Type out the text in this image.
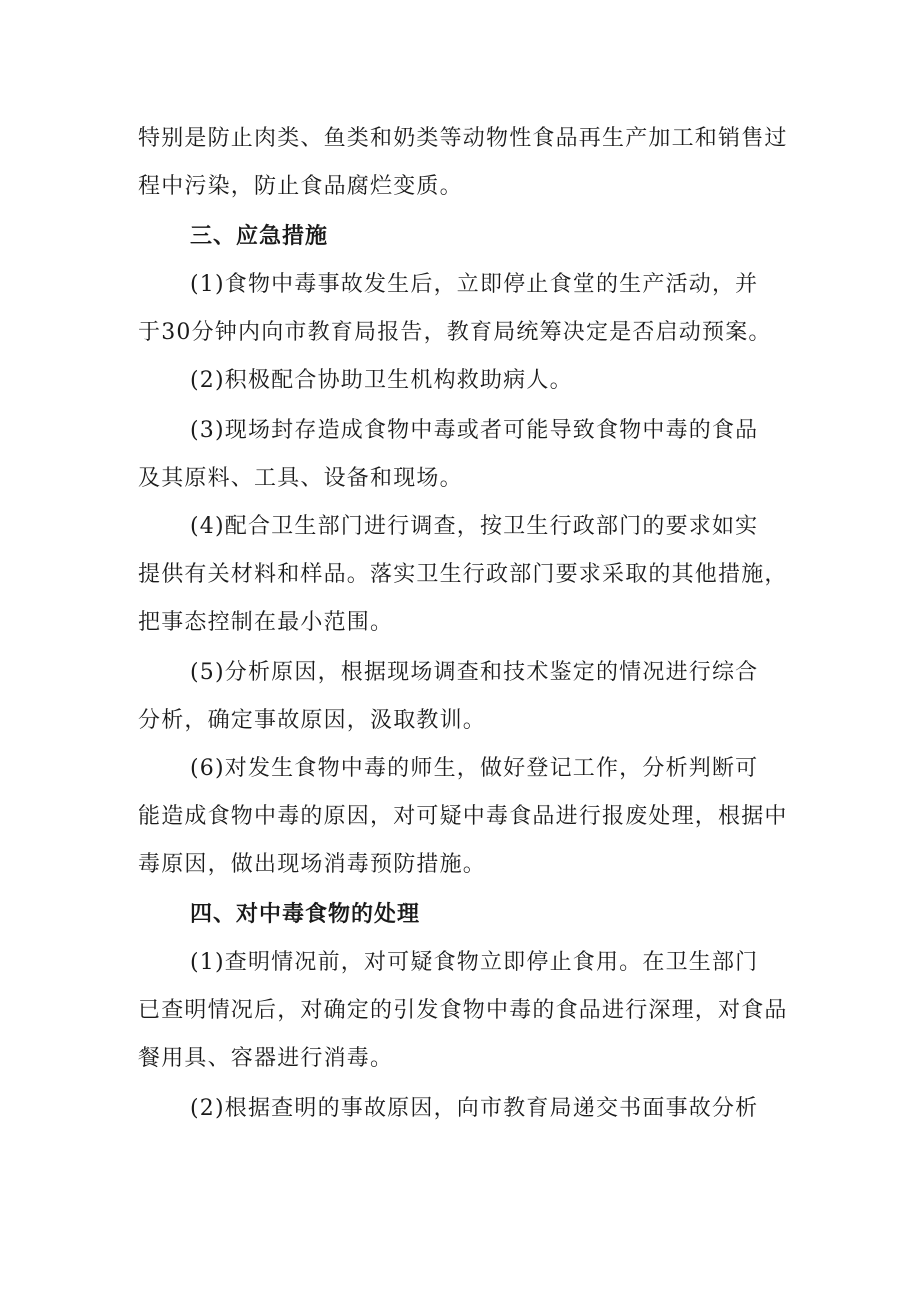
特别是防止肉类、鱼类和奶类等动物性食品再生产加工和销售过
程中污染，防止食品腐烂变质。
三、应急措施
(1)食物中毒事故发生后，立即停止食堂的生产活动，并
于30分钟内向市教育局报告，教育局统筹决定是否启动预案。
(2)积极配合协助卫生机构救助病人。
(3)现场封存造成食物中毒或者可能导致食物中毒的食品
及其原料、工具、设备和现场。
(4)配合卫生部门进行调查，按卫生行政部门的要求如实
提供有关材料和样品。落实卫生行政部门要求采取的其他措施，
把事态控制在最小范围。
(5)分析原因，根据现场调查和技术鉴定的情况进行综合
分析，确定事故原因，汲取教训。
(6)对发生食物中毒的师生，做好登记工作，分析判断可
能造成食物中毒的原因，对可疑中毒食品进行报废处理，根据中
毒原因，做出现场消毒预防措施。
四、对中毒食物的处理
(1)查明情况前，对可疑食物立即停止食用。在卫生部门
已查明情况后，对确定的引发食物中毒的食品进行深理，对食品
餐用具、容器进行消毒。
(2)根据查明的事故原因，向市教育局递交书面事故分析
